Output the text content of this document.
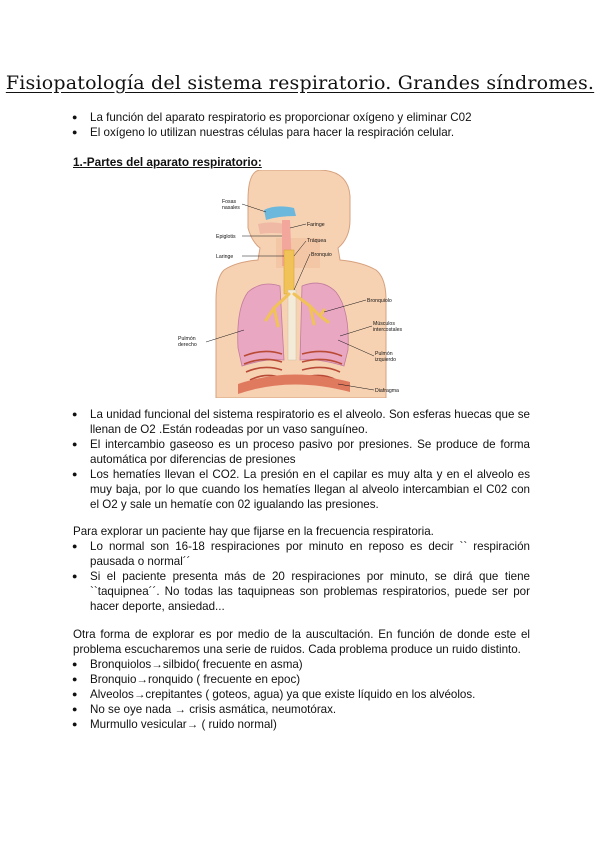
Fisiopatología del sistema respiratorio. Grandes síndromes.
● La función del aparato respiratorio es proporcionar oxígeno y eliminar C02
● El oxígeno lo utilizan nuestras células para hacer la respiración celular.
1.-Partes del aparato respiratorio:
Fosas
nasales
Faringe
Epiglotis
Tráquea
Laringe	Bronquio
Bronquiolo
Músculos
intercostales
Pulmón
derecho
Pulmón
izquierdo
Diafragma
● La unidad funcional del sistema respiratorio es el alveolo. Son esferas huecas que se llenan de O2 .Están rodeadas por un vaso sanguíneo.
● El intercambio gaseoso es un proceso pasivo por presiones. Se produce de forma automática por diferencias de presiones
● Los hematíes llevan el CO2. La presión en el capilar es muy alta y en el alveolo es muy baja, por lo que cuando los hematíes llegan al alveolo intercambian el C02 con el O2 y sale un hematíe con 02 igualando las presiones.
Para explorar un paciente hay que fijarse en la frecuencia respiratoria.
● Lo normal son 16-18 respiraciones por minuto en reposo es decir `` respiración pausada o normal´´
● Si el paciente presenta más de 20 respiraciones por minuto, se dirá que tiene ``taquipnea´´. No todas las taquipneas son problemas respiratorios, puede ser por hacer deporte, ansiedad...
Otra forma de explorar es por medio de la auscultación. En función de donde este el problema escucharemos una serie de ruidos. Cada problema produce un ruido distinto.
● Bronquiolos→silbido( frecuente en asma)
● Bronquio→ronquido ( frecuente en epoc)
● Alveolos→crepitantes ( goteos, agua) ya que existe líquido en los alvéolos.
● No se oye nada → crisis asmática, neumotórax.
● Murmullo vesicular→ ( ruido normal)
